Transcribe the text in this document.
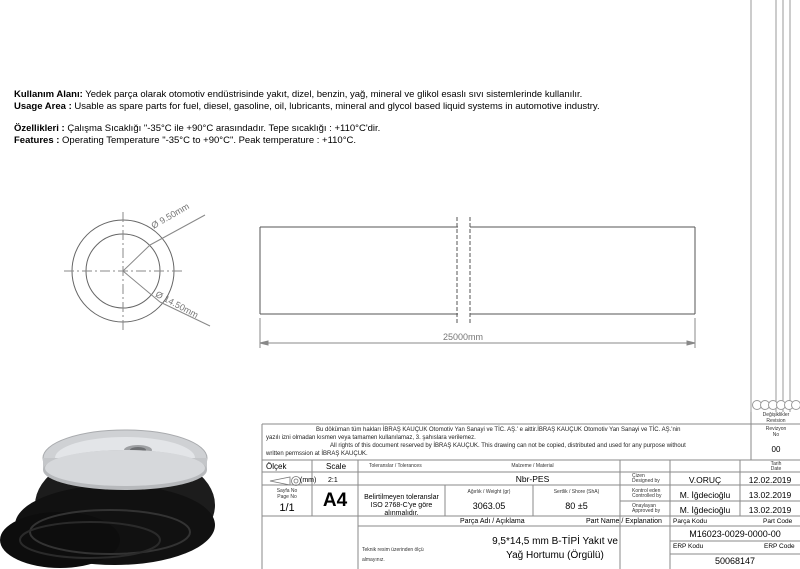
Kullanım Alanı: Yedek parça olarak otomotiv endüstrisinde yakıt, dizel, benzin, yağ, mineral ve glikol esaslı sıvı sistemlerinde kullanılır.
Usage Area : Usable as spare parts for fuel, diesel, gasoline, oil, lubricants, mineral and glycol based liquid systems in automotive industry.
Özellikleri : Çalışma Sıcaklığı "-35°C ile +90°C arasındadır. Tepe sıcaklığı : +110°C'dir.
Features : Operating Temperature "-35°C to +90°C". Peak temperature : +110°C.
Ø 9.50mm
Ø 14.50mm
25000mm
Değişiklikler
Revision
Revizyon
No
00
Tarih
Date
Bu döküman tüm hakları İBRAŞ KAUÇUK Otomotiv Yan Sanayi ve TİC. AŞ.' e aittir.İBRAŞ KAUÇUK Otomotiv Yan Sanayi ve TİC. AŞ.'nin
yazılı izni olmadan kısmen veya tamamen kullanılamaz, 3. şahıslara verilemez.
All rights of this document reserved by İBRAŞ KAUÇUK. This drawing can not be copied, distributed and used for any purpose without
written permssion at İBRAŞ KAUÇUK.
Ölçek	Scale
(mm) 2:1
Sayfa No
Page No
1/1	A4
Toleranslar / Tolerances
Belirtilmeyen toleranslar
ISO 2768-C'ye göre
alınmalıdır.
Malzeme / Material
Nbr-PES
Ağırlık / Weight (gr)
3063.05
Sertlik / Shore (ShA)
80 ±5
Çizen
Designed by	V.ORUÇ	12.02.2019
Kontrol eden
Controlled by	M. İğdecioğlu	13.02.2019
Onaylayan
Approved by	M. İğdecioğlu	13.02.2019
Parça Adı / Açıklama	Part Name / Explanation
9,5*14,5 mm B-TİPİ Yakıt ve
Yağ Hortumu (Örgülü)
Teknik resim üzerinden ölçü
almayınız.
Parça Kodu	Part Code
M16023-0029-0000-00
ERP Kodu	ERP Code
50068147
